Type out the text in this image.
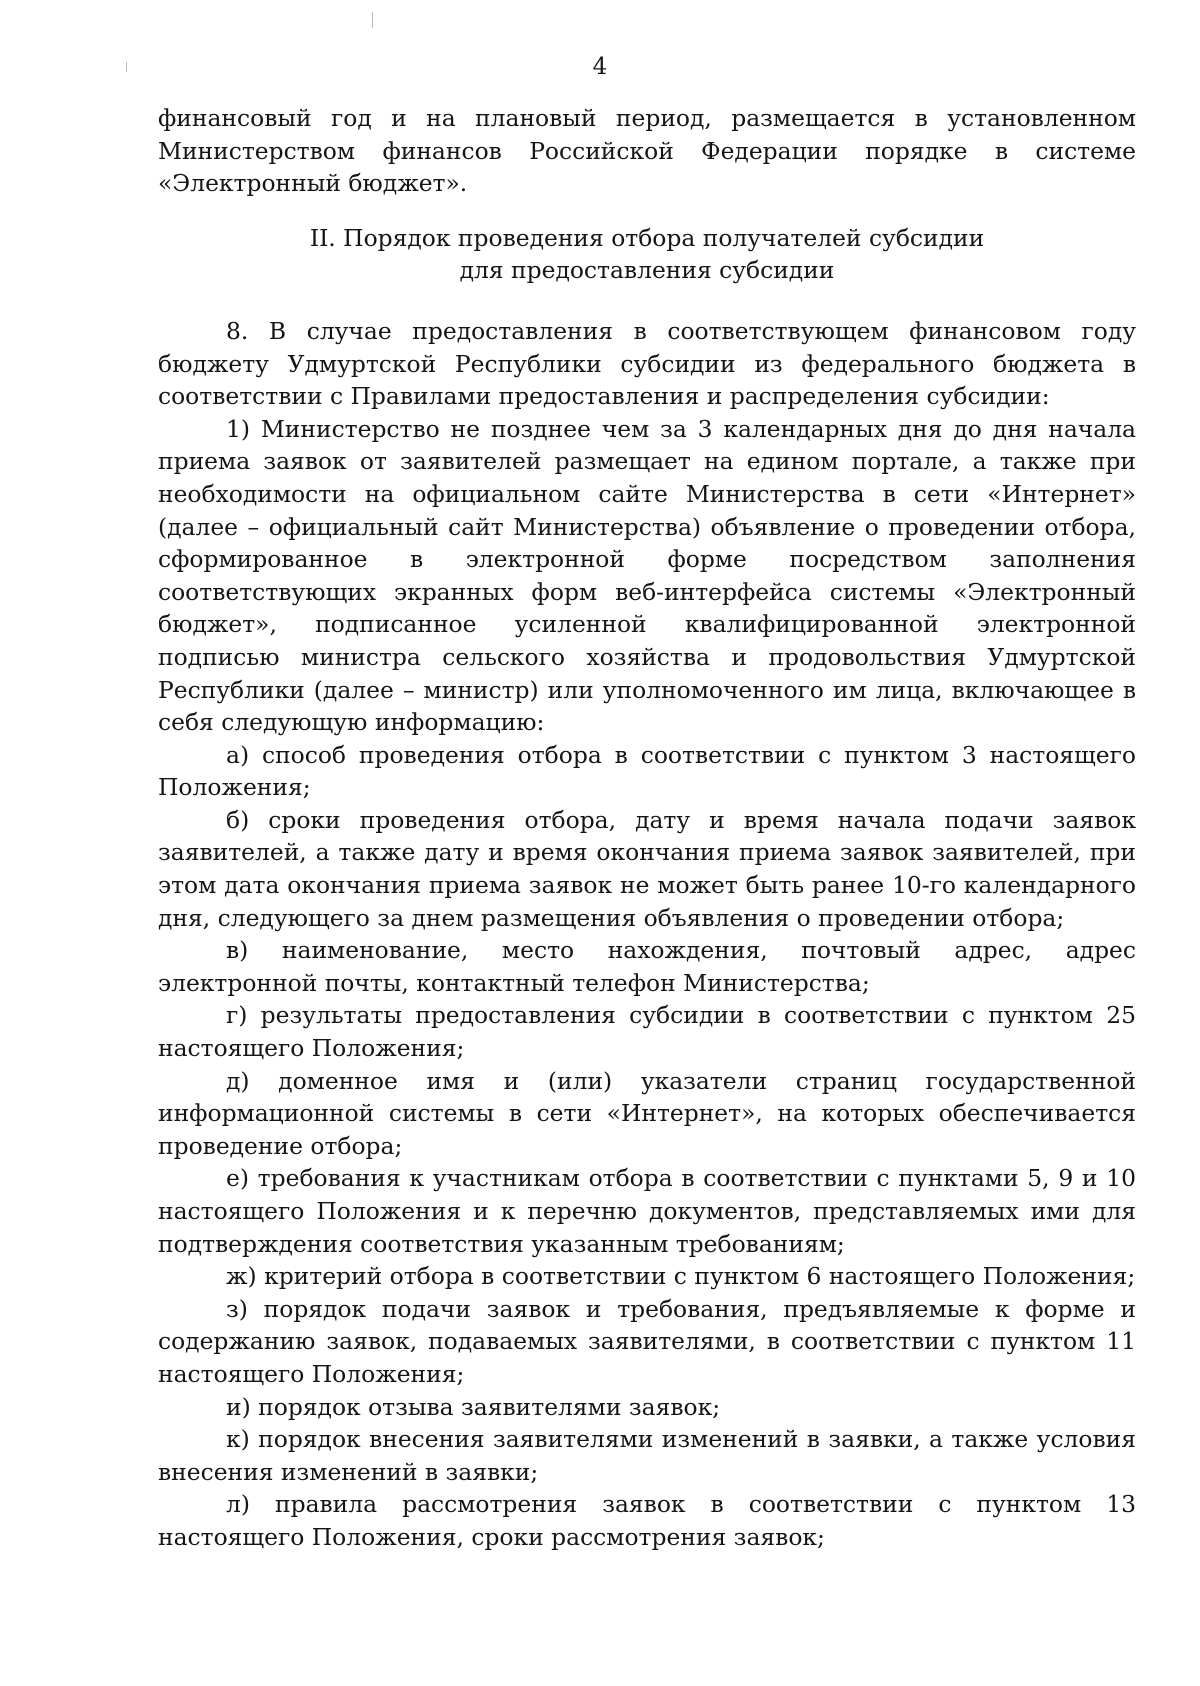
4

финансовый год и на плановый период, размещается в установленном Министерством финансов Российской Федерации порядке в системе «Электронный бюджет».

II. Порядок проведения отбора получателей субсидии

для предоставления субсидии

8. В случае предоставления в соответствующем финансовом году бюджету Удмуртской Республики субсидии из федерального бюджета в соответствии с Правилами предоставления и распределения субсидии:

1) Министерство не позднее чем за 3 календарных дня до дня начала приема заявок от заявителей размещает на едином портале, а также при необходимости на официальном сайте Министерства в сети «Интернет» (далее – официальный сайт Министерства) объявление о проведении отбора, сформированное в электронной форме посредством заполнения соответствующих экранных форм веб-интерфейса системы «Электронный бюджет», подписанное усиленной квалифицированной электронной подписью министра сельского хозяйства и продовольствия Удмуртской Республики (далее – министр) или уполномоченного им лица, включающее в себя следующую информацию:

а) способ проведения отбора в соответствии с пунктом 3 настоящего Положения;

б) сроки проведения отбора, дату и время начала подачи заявок заявителей, а также дату и время окончания приема заявок заявителей, при этом дата окончания приема заявок не может быть ранее 10-го календарного дня, следующего за днем размещения объявления о проведении отбора;

в) наименование, место нахождения, почтовый адрес, адрес электронной почты, контактный телефон Министерства;

г) результаты предоставления субсидии в соответствии с пунктом 25 настоящего Положения;

д) доменное имя и (или) указатели страниц государственной информационной системы в сети «Интернет», на которых обеспечивается проведение отбора;

е) требования к участникам отбора в соответствии с пунктами 5, 9 и 10 настоящего Положения и к перечню документов, представляемых ими для подтверждения соответствия указанным требованиям;

ж) критерий отбора в соответствии с пунктом 6 настоящего Положения;

з) порядок подачи заявок и требования, предъявляемые к форме и содержанию заявок, подаваемых заявителями, в соответствии с пунктом 11 настоящего Положения;

и) порядок отзыва заявителями заявок;

к) порядок внесения заявителями изменений в заявки, а также условия внесения изменений в заявки;

л) правила рассмотрения заявок в соответствии с пунктом 13 настоящего Положения, сроки рассмотрения заявок;
